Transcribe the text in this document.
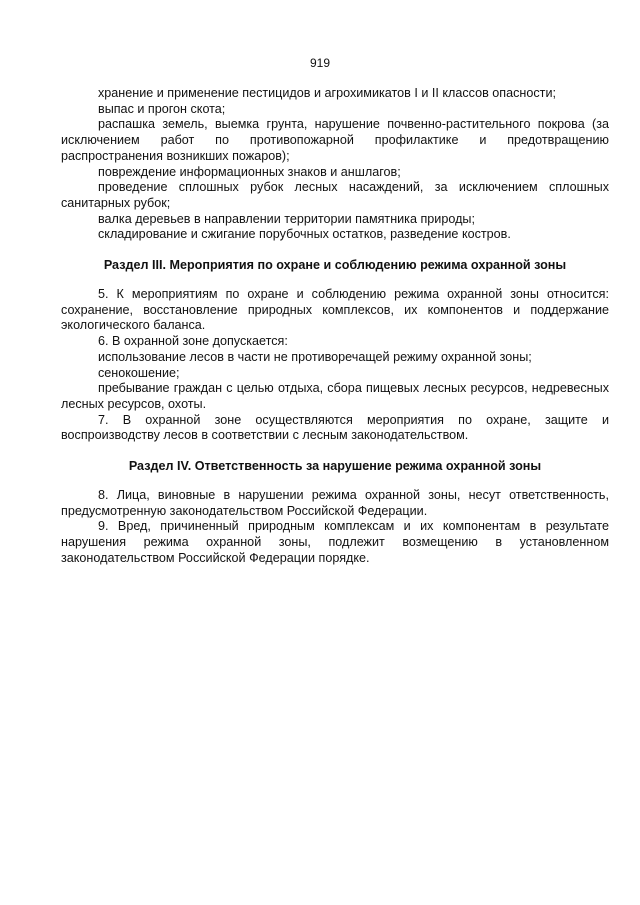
919

хранение и применение пестицидов и агрохимикатов I и II классов опасности;

выпас и прогон скота;

распашка земель, выемка грунта, нарушение почвенно-растительного покрова (за исключением работ по противопожарной профилактике и предотвращению распространения возникших пожаров);

повреждение информационных знаков и аншлагов;

проведение сплошных рубок лесных насаждений, за исключением сплошных санитарных рубок;

валка деревьев в направлении территории памятника природы;

складирование и сжигание порубочных остатков, разведение костров.

Раздел III. Мероприятия по охране и соблюдению режима охранной зоны

5. К мероприятиям по охране и соблюдению режима охранной зоны относится: сохранение, восстановление природных комплексов, их компонентов и поддержание экологического баланса.

6. В охранной зоне допускается:

использование лесов в части не противоречащей режиму охранной зоны;

сенокошение;

пребывание граждан с целью отдыха, сбора пищевых лесных ресурсов, недревесных лесных ресурсов, охоты.

7. В охранной зоне осуществляются мероприятия по охране, защите и воспроизводству лесов в соответствии с лесным законодательством.

Раздел IV. Ответственность за нарушение режима охранной зоны

8. Лица, виновные в нарушении режима охранной зоны, несут ответственность, предусмотренную законодательством Российской Федерации.

9. Вред, причиненный природным комплексам и их компонентам в результате нарушения режима охранной зоны, подлежит возмещению в установленном законодательством Российской Федерации порядке.
